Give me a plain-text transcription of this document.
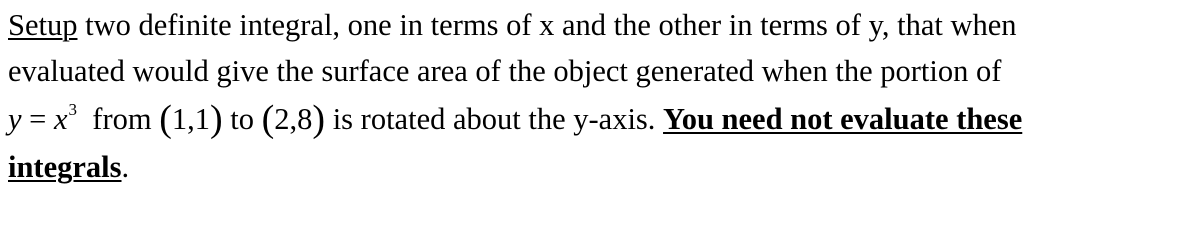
Setup two definite integral, one in terms of x and the other in terms of y, that when
evaluated would give the surface area of the object generated when the portion of
$y = x^3$  from (1,1) to (2,8) is rotated about the y-axis. You need not evaluate these
integrals.
